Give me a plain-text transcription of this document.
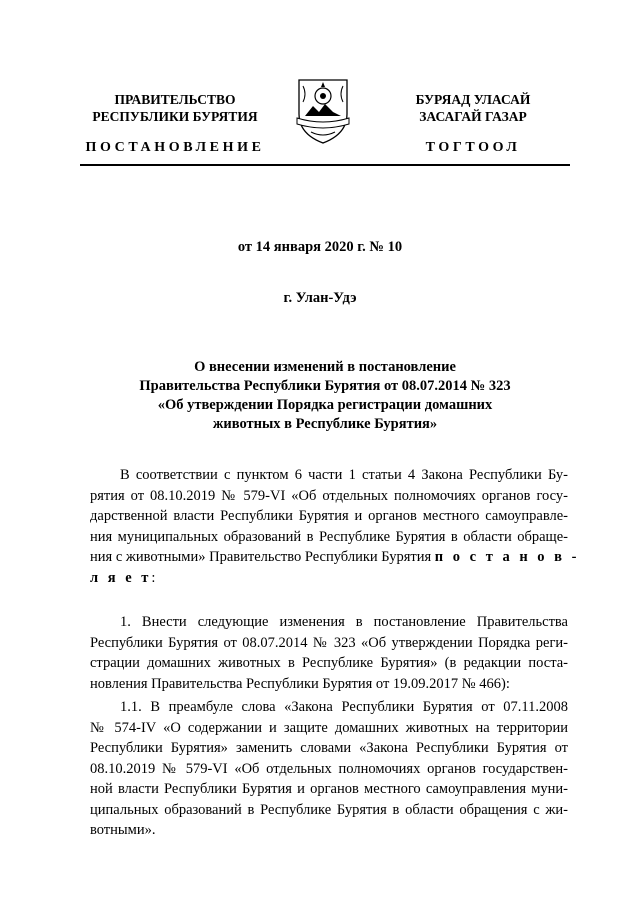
ПРАВИТЕЛЬСТВО
РЕСПУБЛИКИ БУРЯТИЯ
БУРЯАД УЛАСАЙ
ЗАСАГАЙ ГАЗАР
ПОСТАНОВЛЕНИЕ	ТОГТООЛ
от 14 января 2020 г. № 10
г. Улан-Удэ
О внесении изменений в постановление
Правительства Республики Бурятия от 08.07.2014 № 323
«Об утверждении Порядка регистрации домашних
животных в Республике Бурятия»
В соответствии с пунктом 6 части 1 статьи 4 Закона Республики Бу-
рятия от 08.10.2019 № 579-VI «Об отдельных полномочиях органов госу-
дарственной власти Республики Бурятия и органов местного самоуправле-
ния муниципальных образований в Республике Бурятия в области обраще-
ния с животными» Правительство Республики Бурятия п о с т а н о в -
л я е т:
1. Внести следующие изменения в постановление Правительства
Республики Бурятия от 08.07.2014 № 323 «Об утверждении Порядка реги-
страции домашних животных в Республике Бурятия» (в редакции поста-
новления Правительства Республики Бурятия от 19.09.2017 № 466):
1.1. В преамбуле слова «Закона Республики Бурятия от 07.11.2008
№ 574-IV «О содержании и защите домашних животных на территории
Республики Бурятия» заменить словами «Закона Республики Бурятия от
08.10.2019 № 579-VI «Об отдельных полномочиях органов государствен-
ной власти Республики Бурятия и органов местного самоуправления муни-
ципальных образований в Республике Бурятия в области обращения с жи-
вотными».
